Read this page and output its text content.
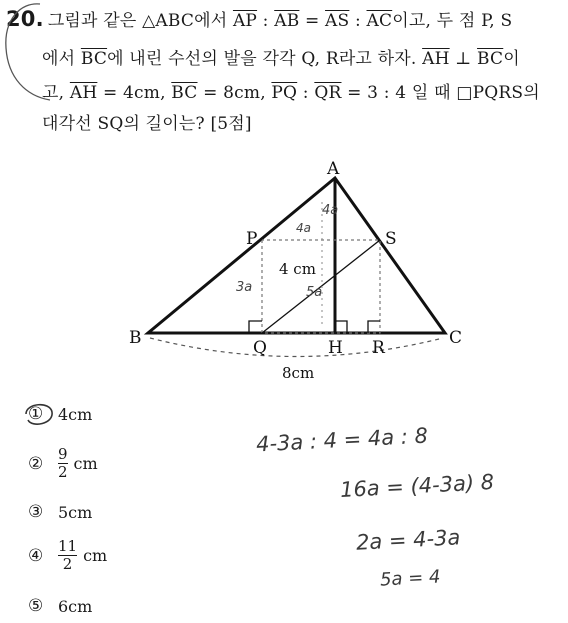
20. 그림과 같은 △ABC에서 $\overline{AP}$ : $\overline{AB} = \overline{AS}$ : $\overline{AC}$이고, 두 점 P, S
에서 $\overline{BC}$에 내린 수선의 발을 각각 Q, R라고 하자. $\overline{AH}$ ⊥ $\overline{BC}$이
고, $\overline{AH} = 4cm$, $\overline{BC} = 8cm$, $\overline{PQ}$ : $\overline{QR} = 3$ : 4 일 때 □PQRS의
대각선 SQ의 길이는? [5점]
A
B	C
P	S
Q	H R
4 cm
8cm
4a
4a
3a	5a
① 4cm
② $\frac{9}{2}$ cm
③ 5cm
④ $\frac{11}{2}$ cm
⑤ 6cm
4-3a : 4 = 4a : 8
16a = (4-3a) 8
2a = 4-3a
5a = 4
